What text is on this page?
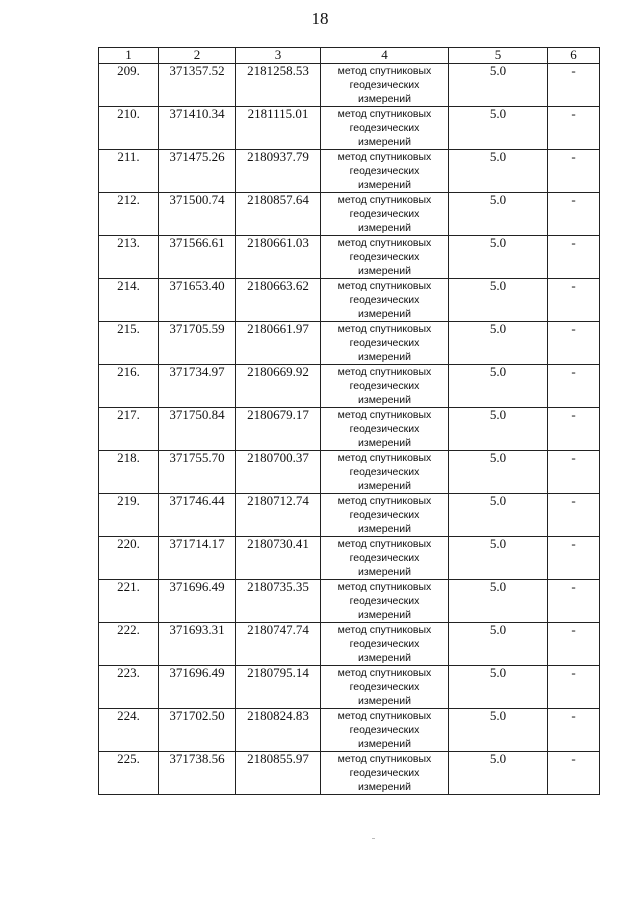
18
1	2	3	4	5	6
209.	371357.52	2181258.53	метод спутниковых
геодезических
измерений	5.0	-
210.	371410.34	2181115.01	метод спутниковых
геодезических
измерений	5.0	-
211.	371475.26	2180937.79	метод спутниковых
геодезических
измерений	5.0	-
212.	371500.74	2180857.64	метод спутниковых
геодезических
измерений	5.0	-
213.	371566.61	2180661.03	метод спутниковых
геодезических
измерений	5.0	-
214.	371653.40	2180663.62	метод спутниковых
геодезических
измерений	5.0	-
215.	371705.59	2180661.97	метод спутниковых
геодезических
измерений	5.0	-
216.	371734.97	2180669.92	метод спутниковых
геодезических
измерений	5.0	-
217.	371750.84	2180679.17	метод спутниковых
геодезических
измерений	5.0	-
218.	371755.70	2180700.37	метод спутниковых
геодезических
измерений	5.0	-
219.	371746.44	2180712.74	метод спутниковых
геодезических
измерений	5.0	-
220.	371714.17	2180730.41	метод спутниковых
геодезических
измерений	5.0	-
221.	371696.49	2180735.35	метод спутниковых
геодезических
измерений	5.0	-
222.	371693.31	2180747.74	метод спутниковых
геодезических
измерений	5.0	-
223.	371696.49	2180795.14	метод спутниковых
геодезических
измерений	5.0	-
224.	371702.50	2180824.83	метод спутниковых
геодезических
измерений	5.0	-
225.	371738.56	2180855.97	метод спутниковых
геодезических
измерений	5.0	-
